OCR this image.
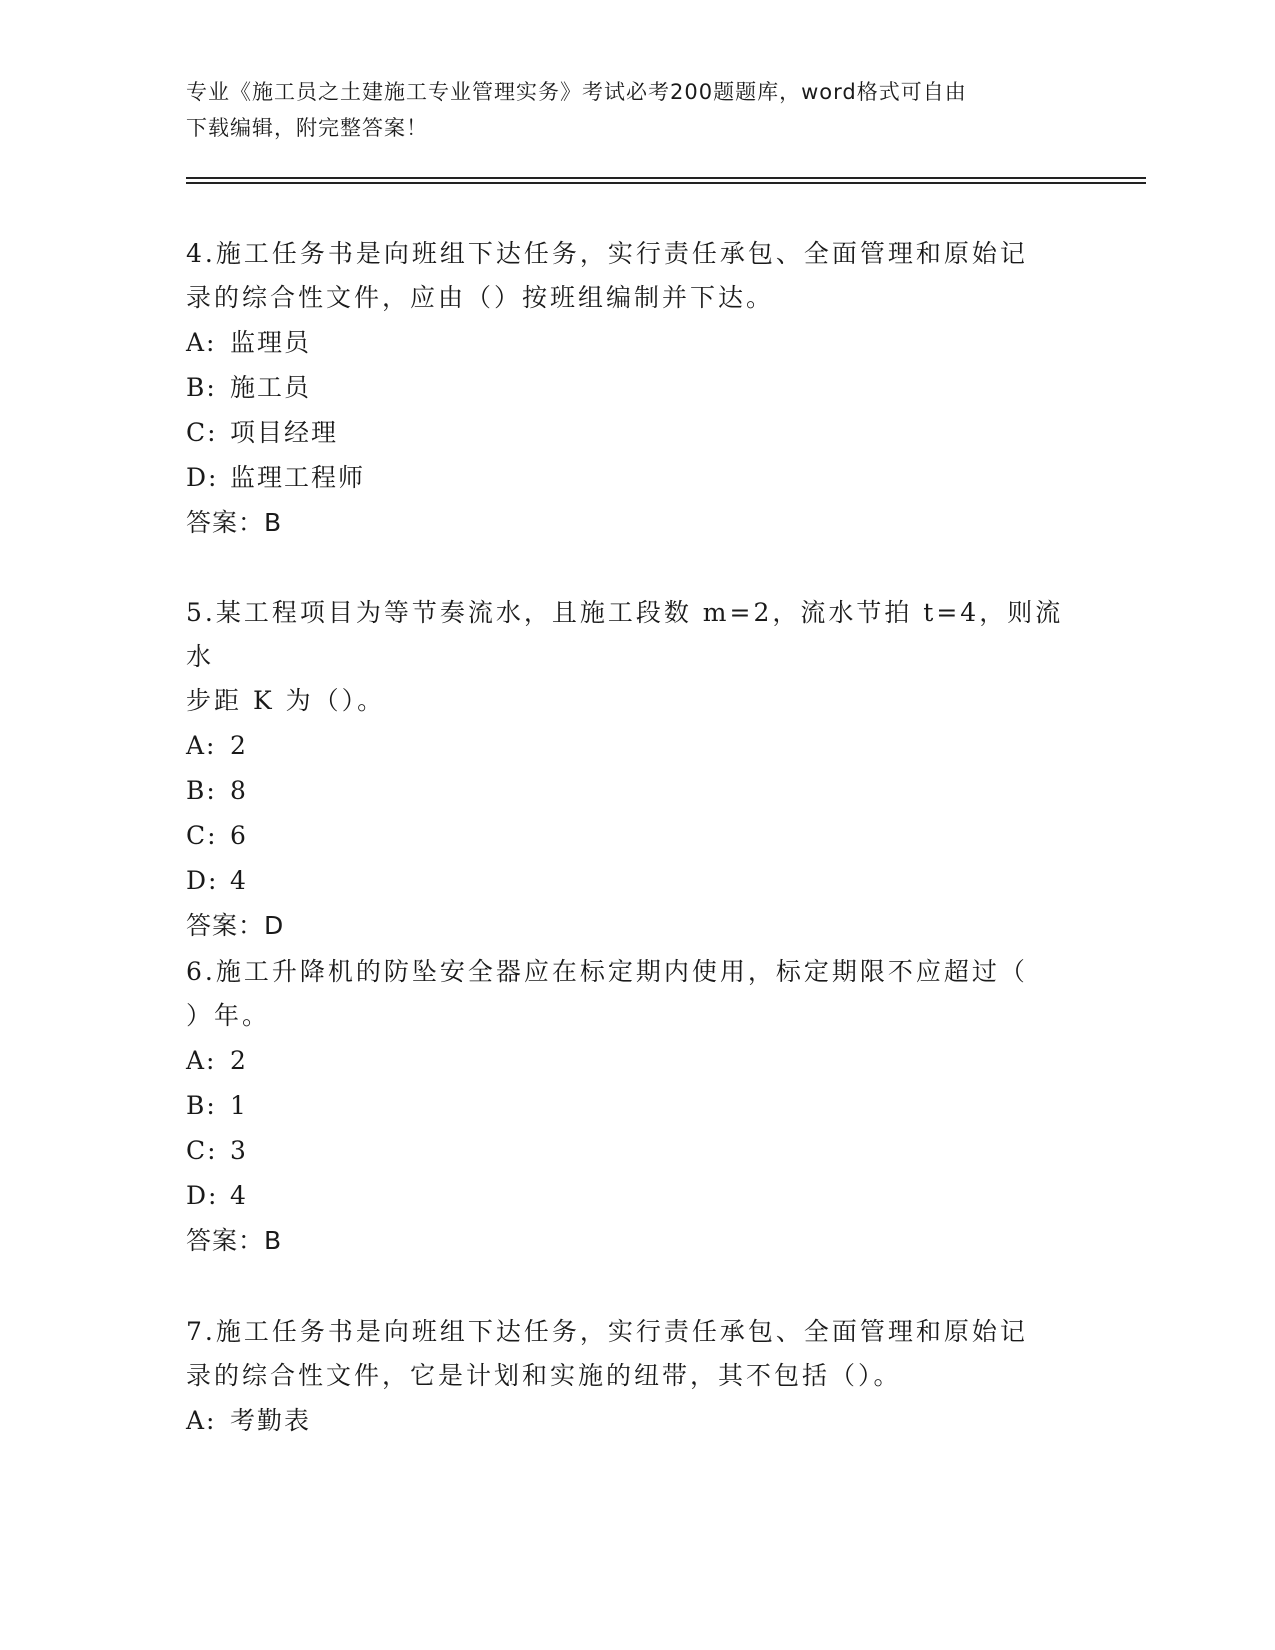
专业《施工员之土建施工专业管理实务》考试必考200题题库，word格式可自由
下载编辑，附完整答案！

4.施工任务书是向班组下达任务，实行责任承包、全面管理和原始记

录的综合性文件，应由（）按班组编制并下达。

A: 监理员

B: 施工员

C: 项目经理

D: 监理工程师

答案：B

5.某工程项目为等节奏流水，且施工段数 m=2，流水节拍 t=4，则流水

步距 K 为（）。

A: 2

B: 8

C: 6

D: 4

答案：D

6.施工升降机的防坠安全器应在标定期内使用，标定期限不应超过（

）年。

A: 2

B: 1

C: 3

D: 4

答案：B

7.施工任务书是向班组下达任务，实行责任承包、全面管理和原始记

录的综合性文件，它是计划和实施的纽带，其不包括（）。

A: 考勤表
